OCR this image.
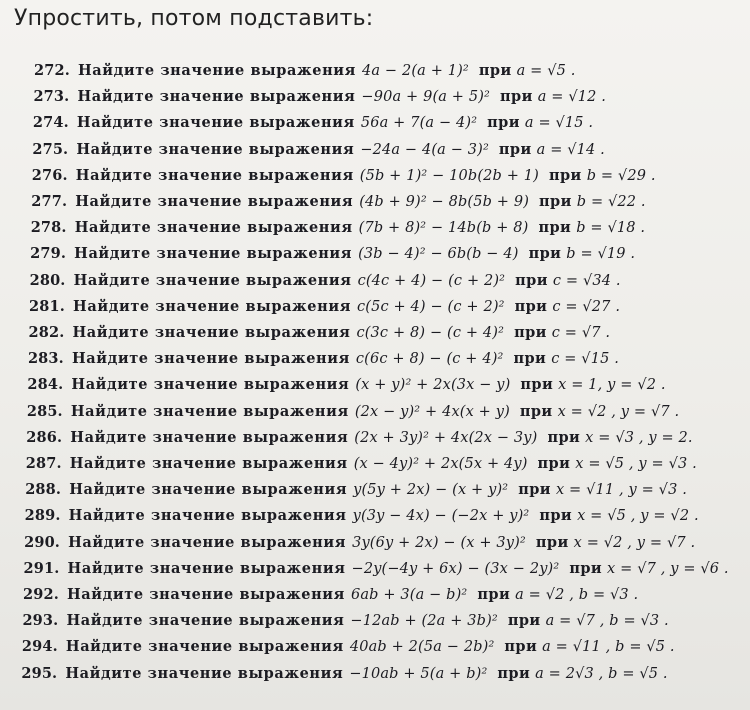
Упростить, потом подставить:
272. Найдите значение выражения 4a − 2(a + 1)² при a = √5 .
273. Найдите значение выражения −90a + 9(a + 5)² при a = √12 .
274. Найдите значение выражения 56a + 7(a − 4)² при a = √15 .
275. Найдите значение выражения −24a − 4(a − 3)² при a = √14 .
276. Найдите значение выражения (5b + 1)² − 10b(2b + 1) при b = √29 .
277. Найдите значение выражения (4b + 9)² − 8b(5b + 9) при b = √22 .
278. Найдите значение выражения (7b + 8)² − 14b(b + 8) при b = √18 .
279. Найдите значение выражения (3b − 4)² − 6b(b − 4) при b = √19 .
280. Найдите значение выражения c(4c + 4) − (c + 2)² при c = √34 .
281. Найдите значение выражения c(5c + 4) − (c + 2)² при c = √27 .
282. Найдите значение выражения c(3c + 8) − (c + 4)² при c = √7 .
283. Найдите значение выражения c(6c + 8) − (c + 4)² при c = √15 .
284. Найдите значение выражения (x + y)² + 2x(3x − y) при x = 1, y = √2 .
285. Найдите значение выражения (2x − y)² + 4x(x + y) при x = √2 , y = √7 .
286. Найдите значение выражения (2x + 3y)² + 4x(2x − 3y) при x = √3 , y = 2.
287. Найдите значение выражения (x − 4y)² + 2x(5x + 4y) при x = √5 , y = √3 .
288. Найдите значение выражения y(5y + 2x) − (x + y)² при x = √11 , y = √3 .
289. Найдите значение выражения y(3y − 4x) − (−2x + y)² при x = √5 , y = √2 .
290. Найдите значение выражения 3y(6y + 2x) − (x + 3y)² при x = √2 , y = √7 .
291. Найдите значение выражения −2y(−4y + 6x) − (3x − 2y)² при x = √7 , y = √6 .
292. Найдите значение выражения 6ab + 3(a − b)² при a = √2 , b = √3 .
293. Найдите значение выражения −12ab + (2a + 3b)² при a = √7 , b = √3 .
294. Найдите значение выражения 40ab + 2(5a − 2b)² при a = √11 , b = √5 .
295. Найдите значение выражения −10ab + 5(a + b)² при a = 2√3 , b = √5 .
